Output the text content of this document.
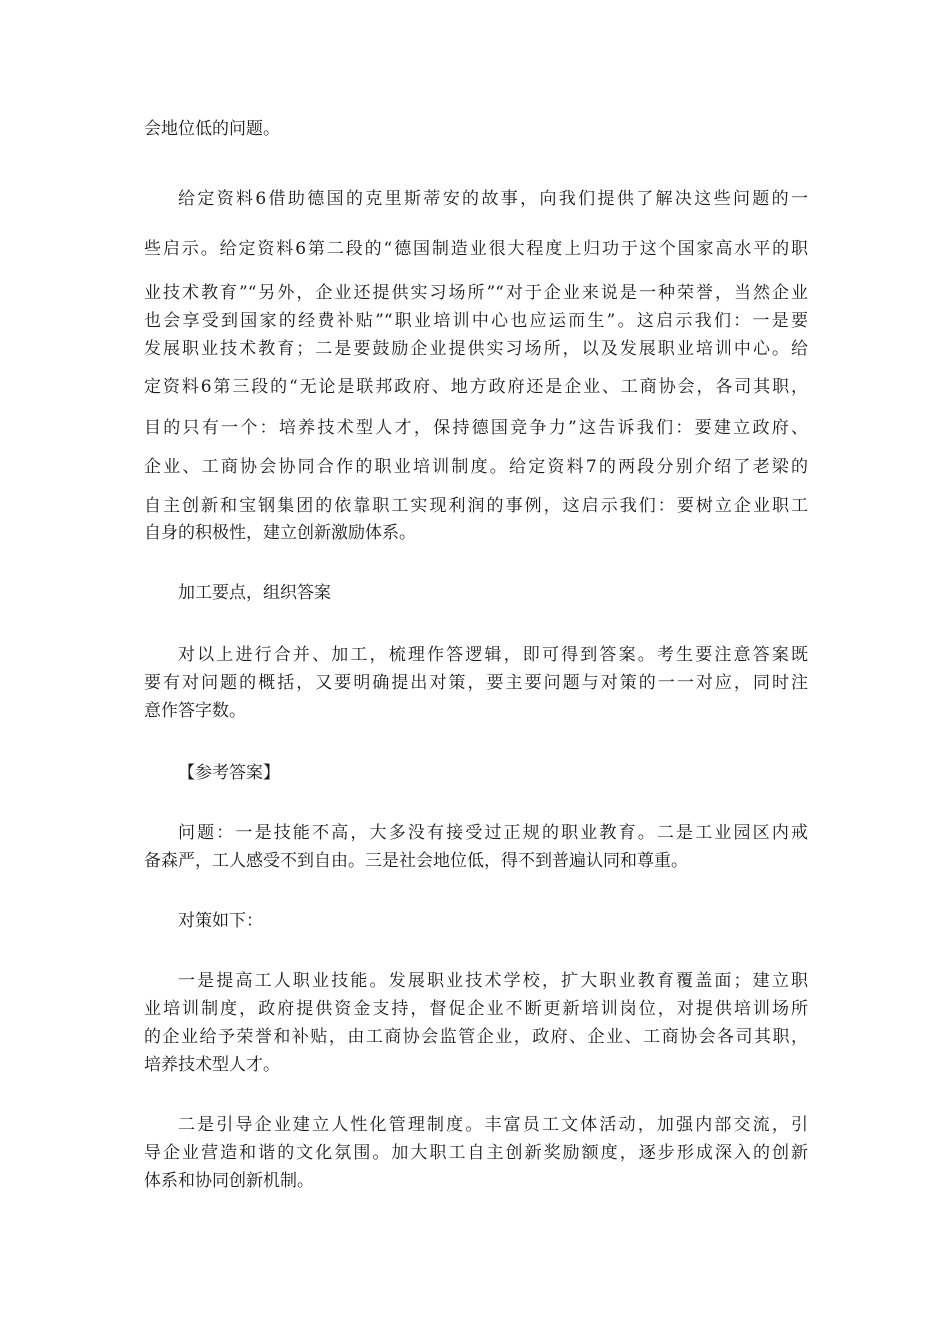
会地位低的问题。
给定资料6借助德国的克里斯蒂安的故事，向我们提供了解决这些问题的一
些启示。给定资料6第二段的“德国制造业很大程度上归功于这个国家高水平的职
业技术教育”“另外，企业还提供实习场所”“对于企业来说是一种荣誉，当然企业
也会享受到国家的经费补贴”“职业培训中心也应运而生”。这启示我们：一是要
发展职业技术教育；二是要鼓励企业提供实习场所，以及发展职业培训中心。给
定资料6第三段的“无论是联邦政府、地方政府还是企业、工商协会，各司其职，
目的只有一个：培养技术型人才，保持德国竞争力”这告诉我们：要建立政府、
企业、工商协会协同合作的职业培训制度。给定资料7的两段分别介绍了老梁的
自主创新和宝钢集团的依靠职工实现利润的事例，这启示我们：要树立企业职工
自身的积极性，建立创新激励体系。
加工要点，组织答案
对以上进行合并、加工，梳理作答逻辑，即可得到答案。考生要注意答案既
要有对问题的概括，又要明确提出对策，要主要问题与对策的一一对应，同时注
意作答字数。
【参考答案】
问题：一是技能不高，大多没有接受过正规的职业教育。二是工业园区内戒
备森严，工人感受不到自由。三是社会地位低，得不到普遍认同和尊重。
对策如下：
一是提高工人职业技能。发展职业技术学校，扩大职业教育覆盖面；建立职
业培训制度，政府提供资金支持，督促企业不断更新培训岗位，对提供培训场所
的企业给予荣誉和补贴，由工商协会监管企业，政府、企业、工商协会各司其职，
培养技术型人才。
二是引导企业建立人性化管理制度。丰富员工文体活动，加强内部交流，引
导企业营造和谐的文化氛围。加大职工自主创新奖励额度，逐步形成深入的创新
体系和协同创新机制。
